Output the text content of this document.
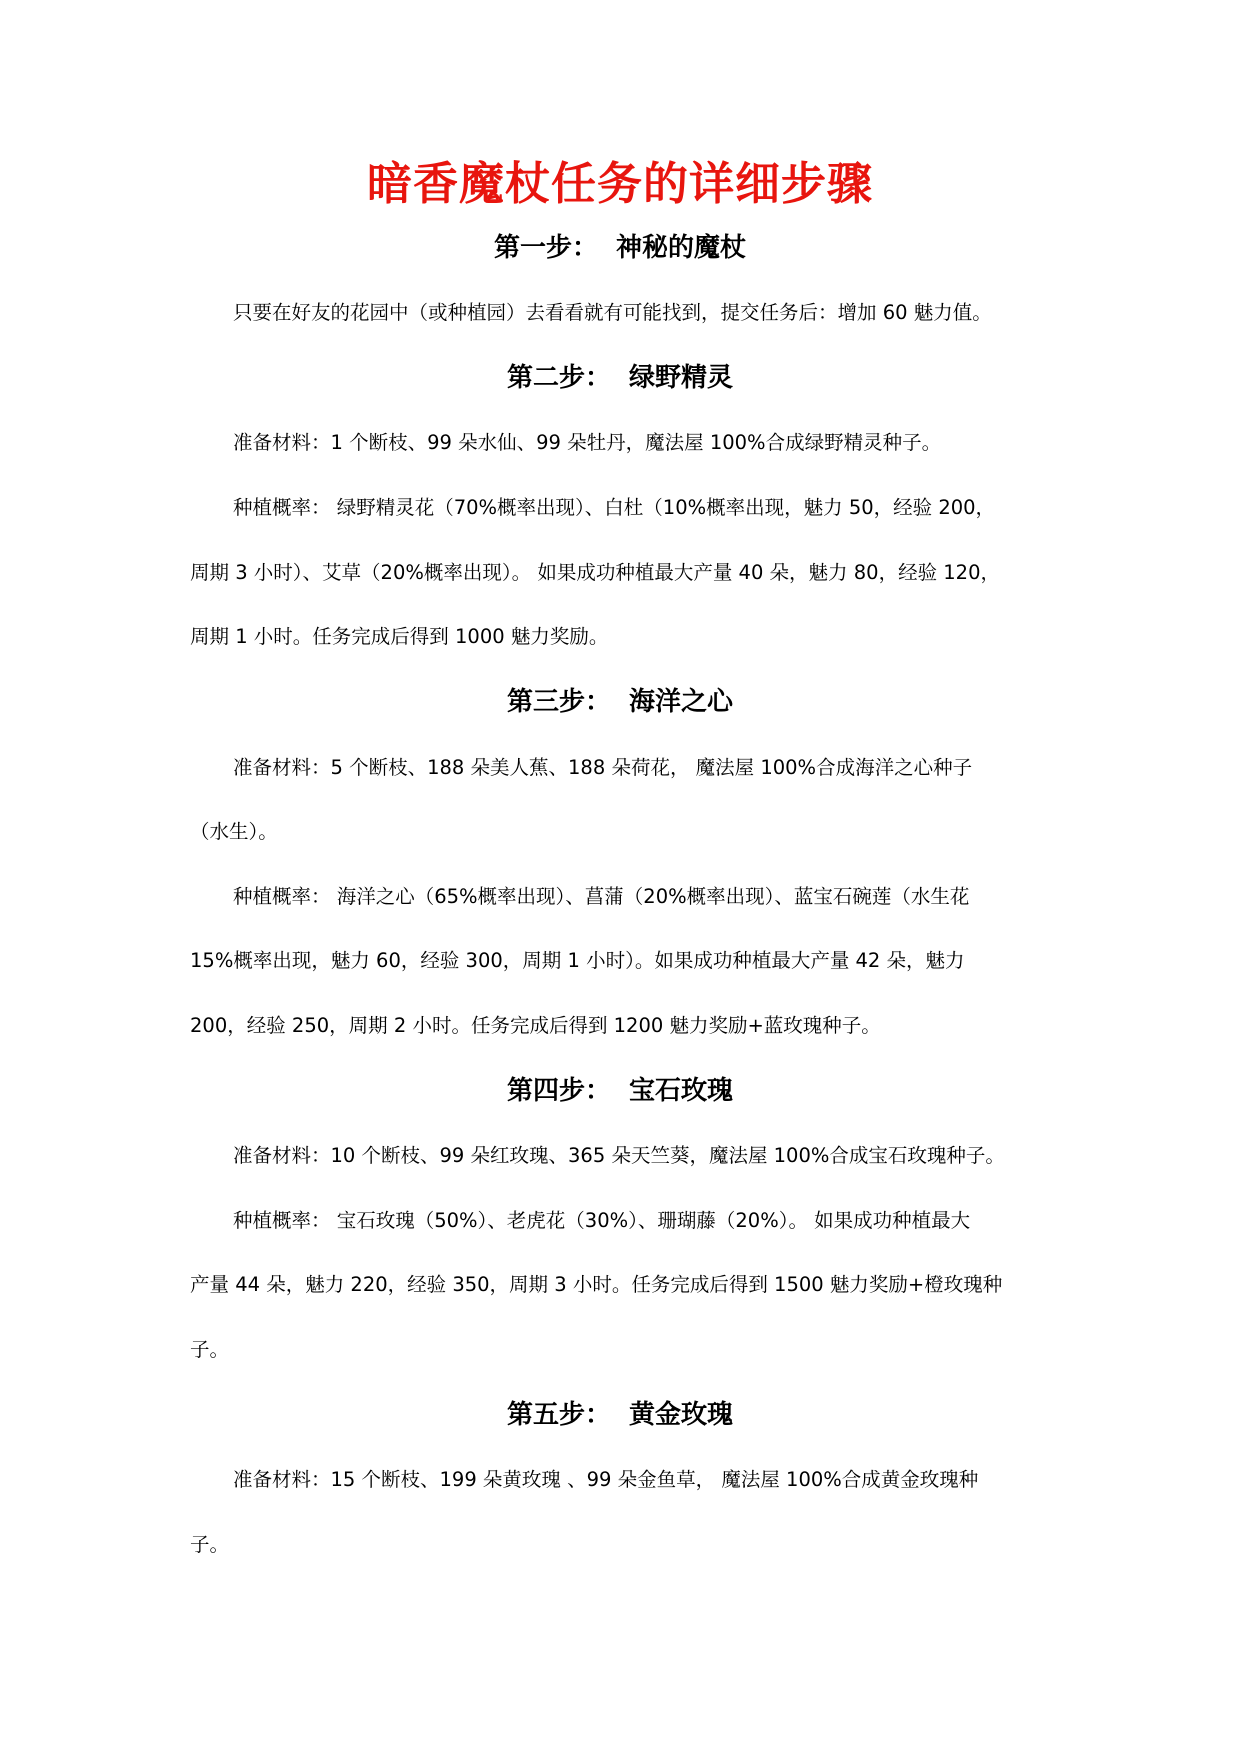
暗香魔杖任务的详细步骤
第一步： 神秘的魔杖
只要在好友的花园中（或种植园）去看看就有可能找到，提交任务后：增加 60 魅力值。
第二步： 绿野精灵
准备材料：1 个断枝、99 朵水仙、99 朵牡丹，魔法屋 100%合成绿野精灵种子。
种植概率： 绿野精灵花（70%概率出现）、白杜（10%概率出现，魅力 50，经验 200，
周期 3 小时）、艾草（20%概率出现）。 如果成功种植最大产量 40 朵，魅力 80，经验 120，
周期 1 小时。任务完成后得到 1000 魅力奖励。
第三步： 海洋之心
准备材料：5 个断枝、188 朵美人蕉、188 朵荷花， 魔法屋 100%合成海洋之心种子
（水生）。
种植概率： 海洋之心（65%概率出现）、菖蒲（20%概率出现）、蓝宝石碗莲（水生花
15%概率出现，魅力 60，经验 300，周期 1 小时）。如果成功种植最大产量 42 朵，魅力
200，经验 250，周期 2 小时。任务完成后得到 1200 魅力奖励+蓝玫瑰种子。
第四步： 宝石玫瑰
准备材料：10 个断枝、99 朵红玫瑰、365 朵天竺葵，魔法屋 100%合成宝石玫瑰种子。
种植概率： 宝石玫瑰（50%）、老虎花（30%）、珊瑚藤（20%）。 如果成功种植最大
产量 44 朵，魅力 220，经验 350，周期 3 小时。任务完成后得到 1500 魅力奖励+橙玫瑰种
子。
第五步： 黄金玫瑰
准备材料：15 个断枝、199 朵黄玫瑰 、99 朵金鱼草， 魔法屋 100%合成黄金玫瑰种
子。
